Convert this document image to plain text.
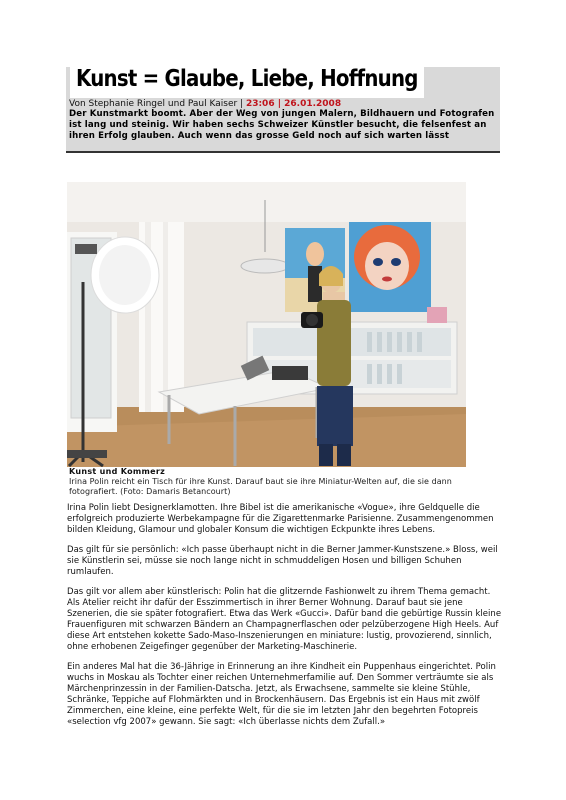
Kunst = Glaube, Liebe, Hoffnung
Von Stephanie Ringel und Paul Kaiser | 23:06 | 26.01.2008

Der Kunstmarkt boomt. Aber der Weg von jungen Malern, Bildhauern und Fotografen ist lang und steinig. Wir haben sechs Schweizer Künstler besucht, die felsenfest an ihren Erfolg glauben. Auch wenn das grosse Geld noch auf sich warten lässt

Kunst und Kommerz

Irina Polin reicht ein Tisch für ihre Kunst. Darauf baut sie ihre Miniatur-Welten auf, die sie dann fotografiert. (Foto: Damaris Betancourt)

Irina Polin liebt Designerklamotten. Ihre Bibel ist die amerikanische «Vogue», ihre Geldquelle die erfolgreich produzierte Werbekampagne für die Zigarettenmarke Parisienne. Zusammengenommen bilden Kleidung, Glamour und globaler Konsum die wichtigen Eckpunkte ihres Lebens.

Das gilt für sie persönlich: «Ich passe überhaupt nicht in die Berner Jammer-Kunstszene.» Bloss, weil sie Künstlerin sei, müsse sie noch lange nicht in schmuddeligen Hosen und billigen Schuhen rumlaufen.

Das gilt vor allem aber künstlerisch: Polin hat die glitzernde Fashionwelt zu ihrem Thema gemacht. Als Atelier reicht ihr dafür der Esszimmertisch in ihrer Berner Wohnung. Darauf baut sie jene Szenerien, die sie später fotografiert. Etwa das Werk «Gucci». Dafür band die gebürtige Russin kleine Frauenfiguren mit schwarzen Bändern an Champagnerflaschen oder pelzüberzogene High Heels. Auf diese Art entstehen kokette Sado-Maso-Inszenierungen en miniature: lustig, provozierend, sinnlich, ohne erhobenen Zeigefinger gegenüber der Marketing-Maschinerie.

Ein anderes Mal hat die 36-Jährige in Erinnerung an ihre Kindheit ein Puppenhaus eingerichtet. Polin wuchs in Moskau als Tochter einer reichen Unternehmerfamilie auf. Den Sommer verträumte sie als Märchenprinzessin in der Familien-Datscha. Jetzt, als Erwachsene, sammelte sie kleine Stühle, Schränke, Teppiche auf Flohmärkten und in Brockenhäusern. Das Ergebnis ist ein Haus mit zwölf

Zimmerchen, eine kleine, eine perfekte Welt, für die sie im letzten Jahr den begehrten Fotopreis «selection vfg 2007» gewann. Sie sagt: «Ich überlasse nichts dem Zufall.»
